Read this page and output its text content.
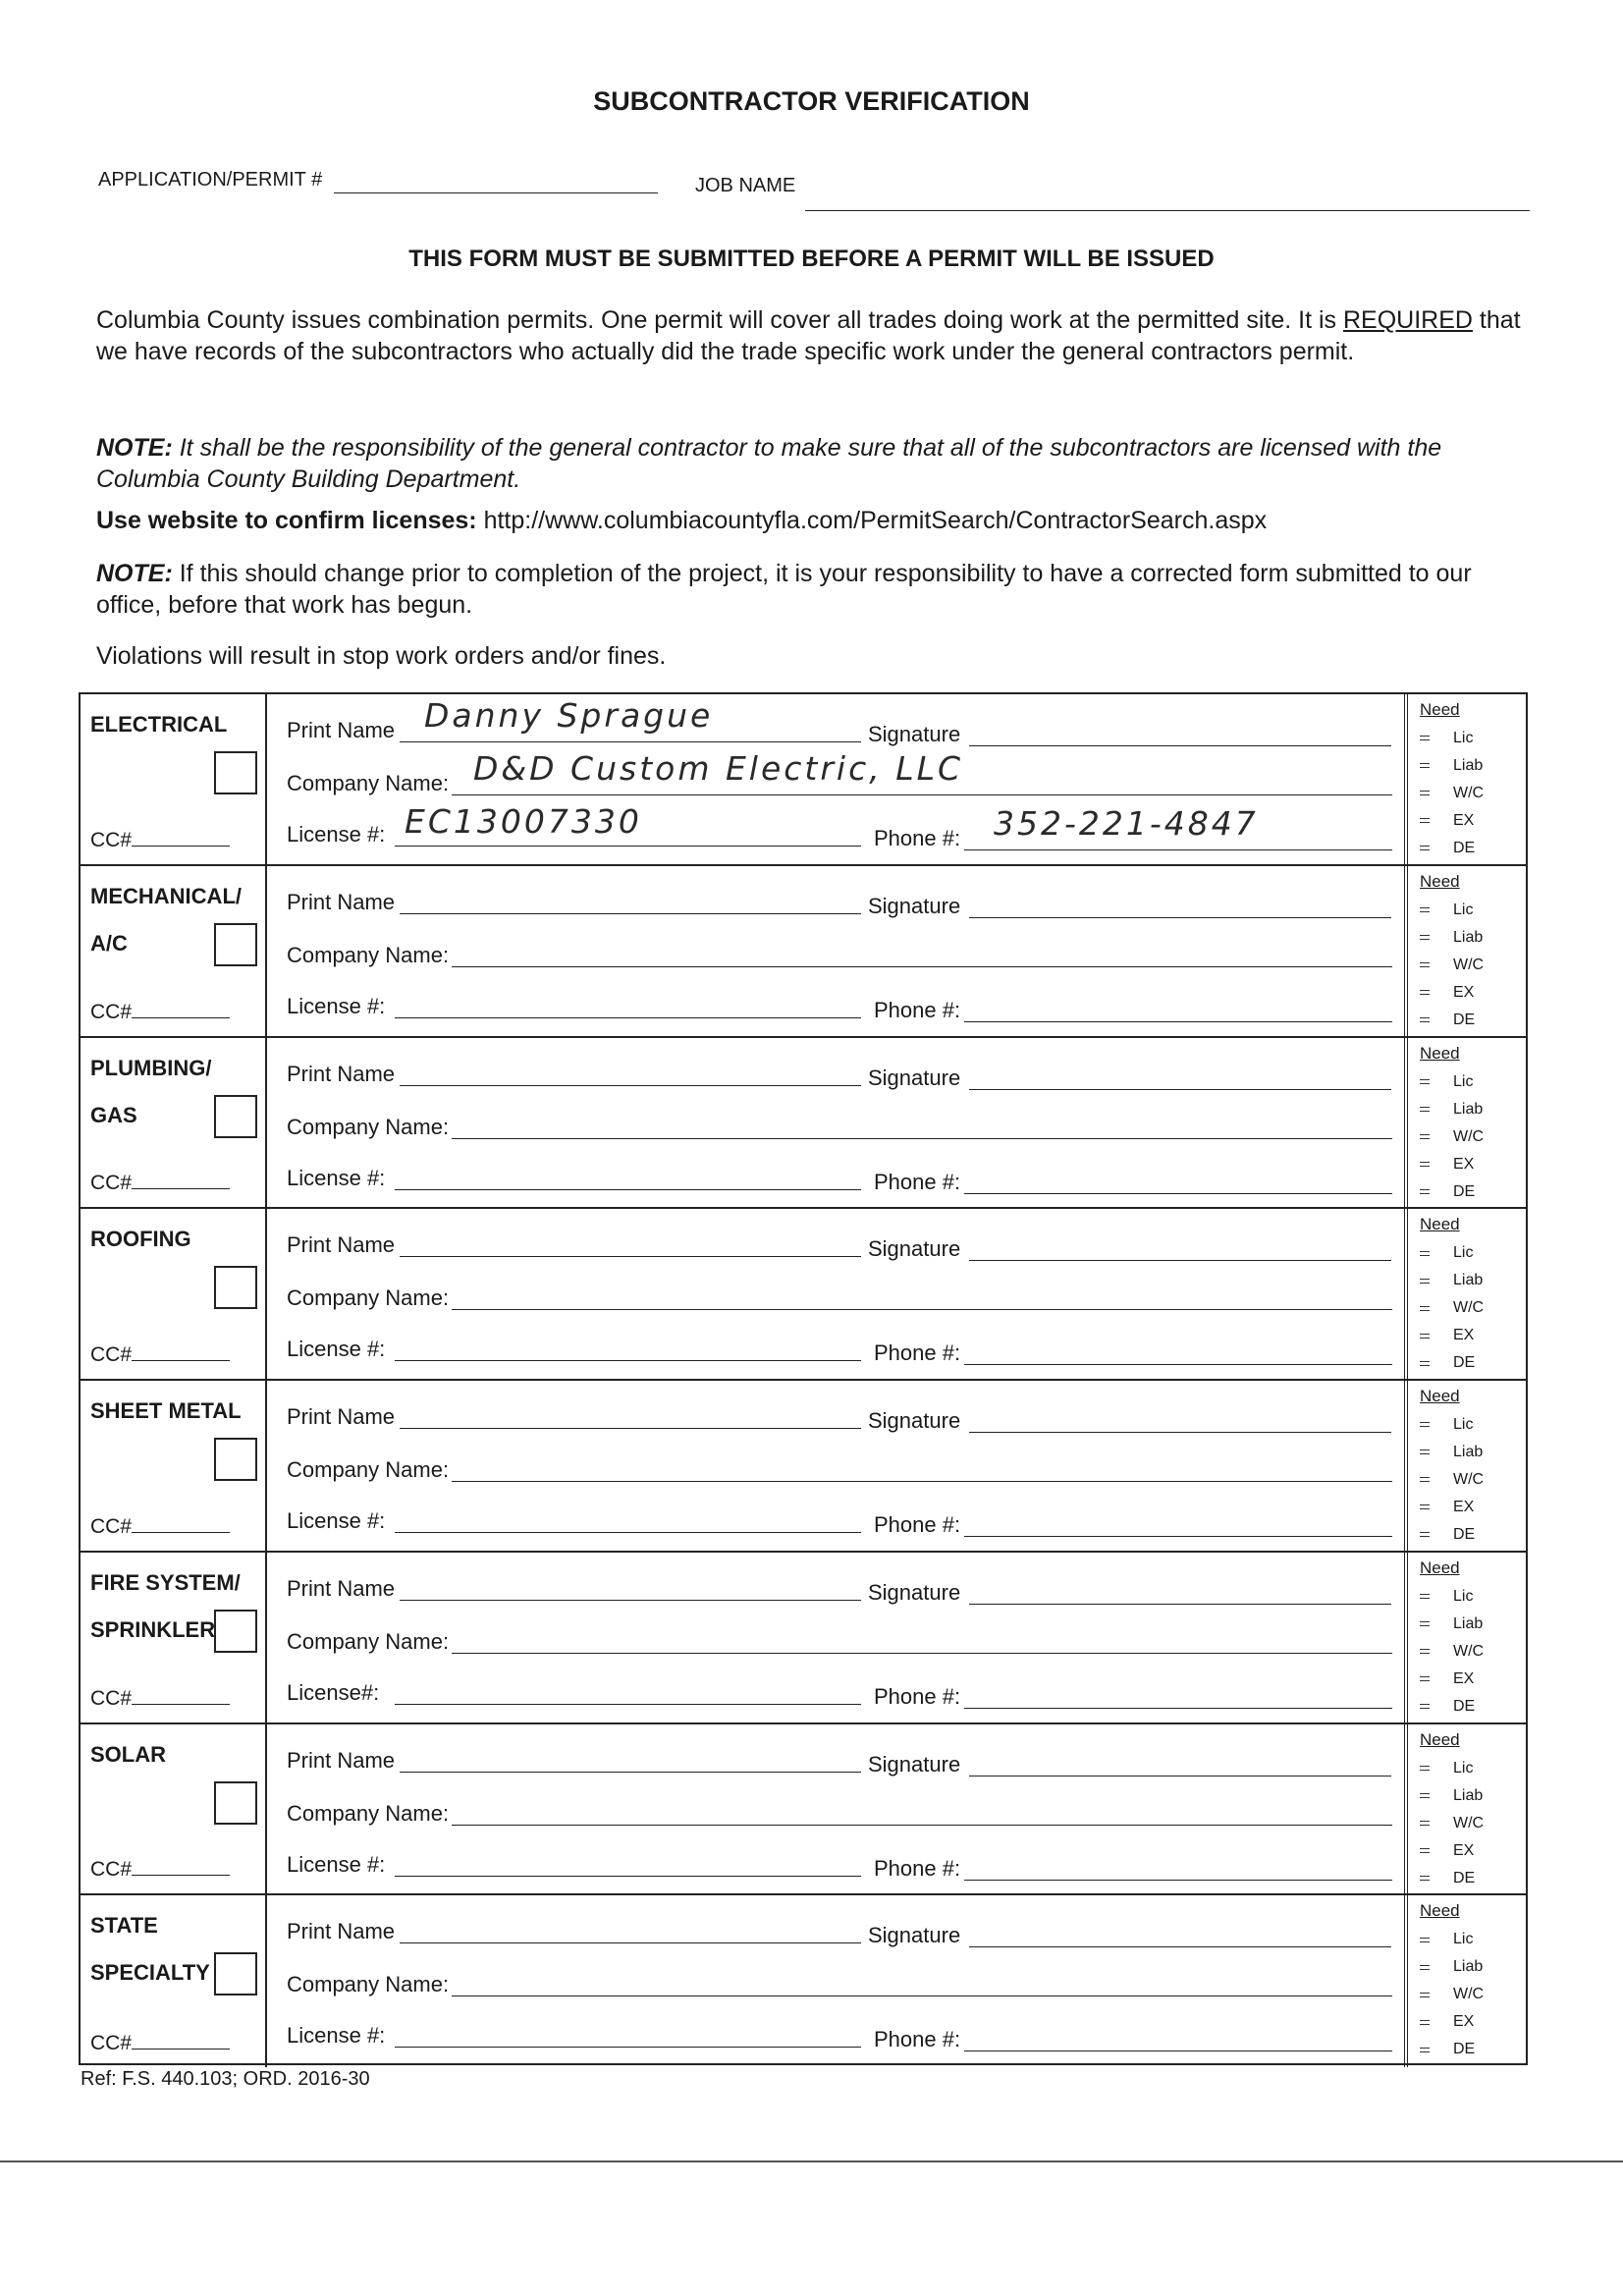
SUBCONTRACTOR VERIFICATION
APPLICATION/PERMIT #	JOB NAME
THIS FORM MUST BE SUBMITTED BEFORE A PERMIT WILL BE ISSUED
Columbia County issues combination permits. One permit will cover all trades doing work at the permitted site. It is REQUIRED that we have records of the subcontractors who actually did the trade specific work under the general contractors permit.
NOTE: It shall be the responsibility of the general contractor to make sure that all of the subcontractors are licensed with the Columbia County Building Department.
Use website to confirm licenses: http://www.columbiacountyfla.com/PermitSearch/ContractorSearch.aspx
NOTE: If this should change prior to completion of the project, it is your responsibility to have a corrected form submitted to our office, before that work has begun.
Violations will result in stop work orders and/or fines.
ELECTRICAL
CC#
Print Name Danny Sprague	Signature
Company Name: D&D Custom Electric, LLC
License #: EC13007330	Phone #: 352-221-4847
Need
Lic
Liab
W/C
EX
DE
MECHANICAL/
A/C
CC#
Print Name	Signature
Company Name:
License #:	Phone #:
Need
Lic
Liab
W/C
EX
DE
PLUMBING/
GAS
CC#
Print Name	Signature
Company Name:
License #:	Phone #:
Need
Lic
Liab
W/C
EX
DE
ROOFING
CC#
Print Name	Signature
Company Name:
License #:	Phone #:
Need
Lic
Liab
W/C
EX
DE
SHEET METAL
CC#
Print Name	Signature
Company Name:
License #:	Phone #:
Need
Lic
Liab
W/C
EX
DE
FIRE SYSTEM/
SPRINKLER
CC#
Print Name	Signature
Company Name:
License#:	Phone #:
Need
Lic
Liab
W/C
EX
DE
SOLAR
CC#
Print Name	Signature
Company Name:
License #:	Phone #:
Need
Lic
Liab
W/C
EX
DE
STATE
SPECIALTY
CC#
Print Name	Signature
Company Name:
License #:	Phone #:
Need
Lic
Liab
W/C
EX
DE
Ref: F.S. 440.103; ORD. 2016-30
